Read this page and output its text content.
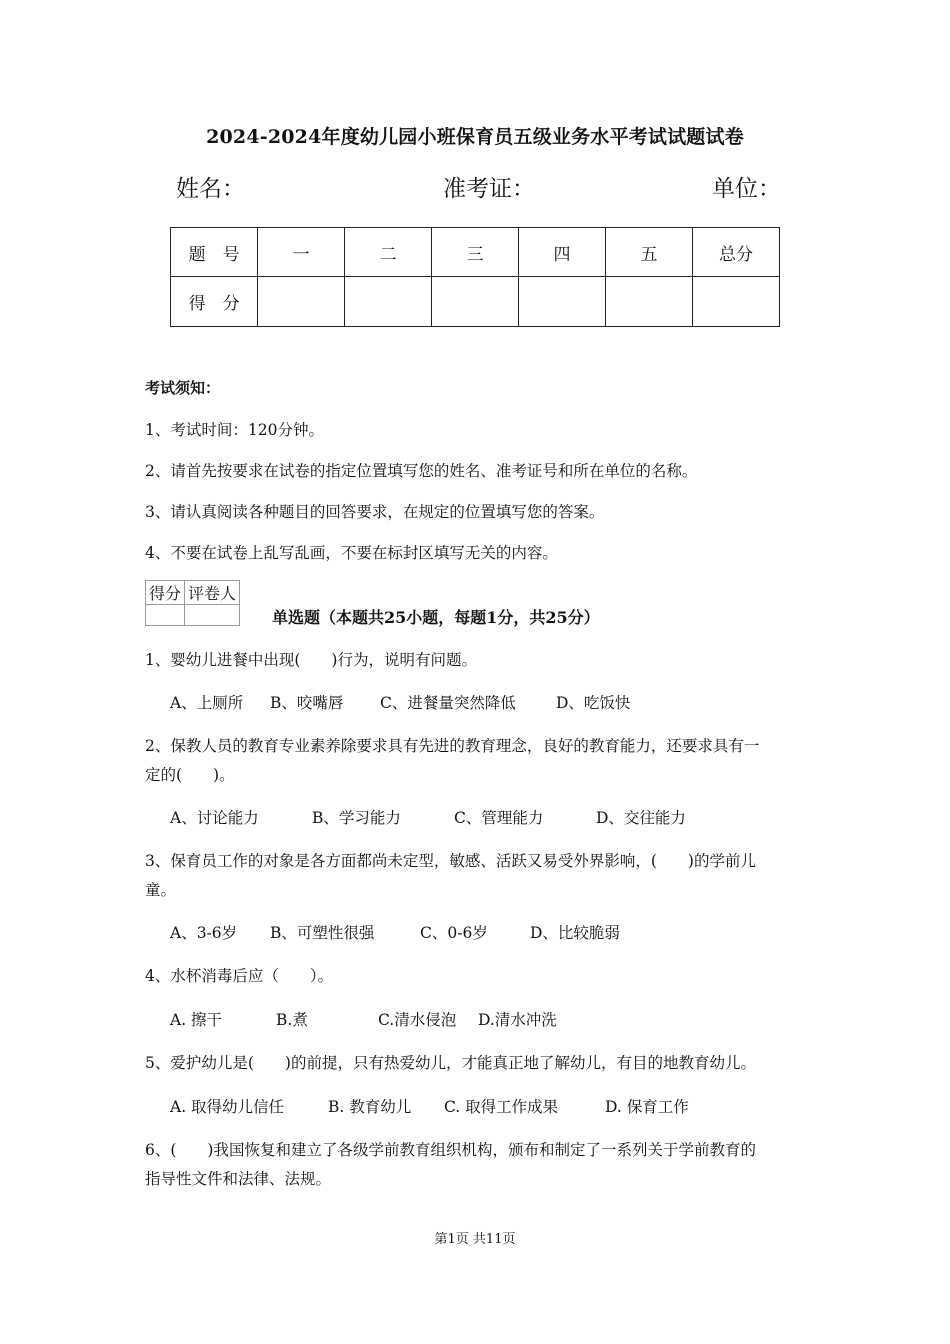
2024-2024年度幼儿园小班保育员五级业务水平考试试题试卷
姓名：	准考证：	单位：
题　号	一	二	三	四	五	总分
得　分						
考试须知：
1、考试时间：120分钟。
2、请首先按要求在试卷的指定位置填写您的姓名、准考证号和所在单位的名称。
3、请认真阅读各种题目的回答要求，在规定的位置填写您的答案。
4、不要在试卷上乱写乱画，不要在标封区填写无关的内容。
得分	评卷人

单选题（本题共25小题，每题1分，共25分）
1、婴幼儿进餐中出现(　　)行为，说明有问题。
A、上厕所 B、咬嘴唇 C、进餐量突然降低	D、吃饭快
2、保教人员的教育专业素养除要求具有先进的教育理念，良好的教育能力，还要求具有一
定的(　　)。
A、讨论能力	B、学习能力	C、管理能力	D、交往能力
3、保育员工作的对象是各方面都尚未定型，敏感、活跃又易受外界影响，(　　)的学前儿
童。
A、3-6岁 B、可塑性很强	C、0-6岁	D、比较脆弱
4、水杯消毒后应（　　）。
A. 擦干	B.煮	C.清水侵泡 D.清水冲洗
5、爱护幼儿是(　　)的前提，只有热爱幼儿，才能真正地了解幼儿，有目的地教育幼儿。
A. 取得幼儿信任	B. 教育幼儿 C. 取得工作成果	D. 保育工作
6、(　　)我国恢复和建立了各级学前教育组织机构，颁布和制定了一系列关于学前教育的
指导性文件和法律、法规。
第1页 共11页
